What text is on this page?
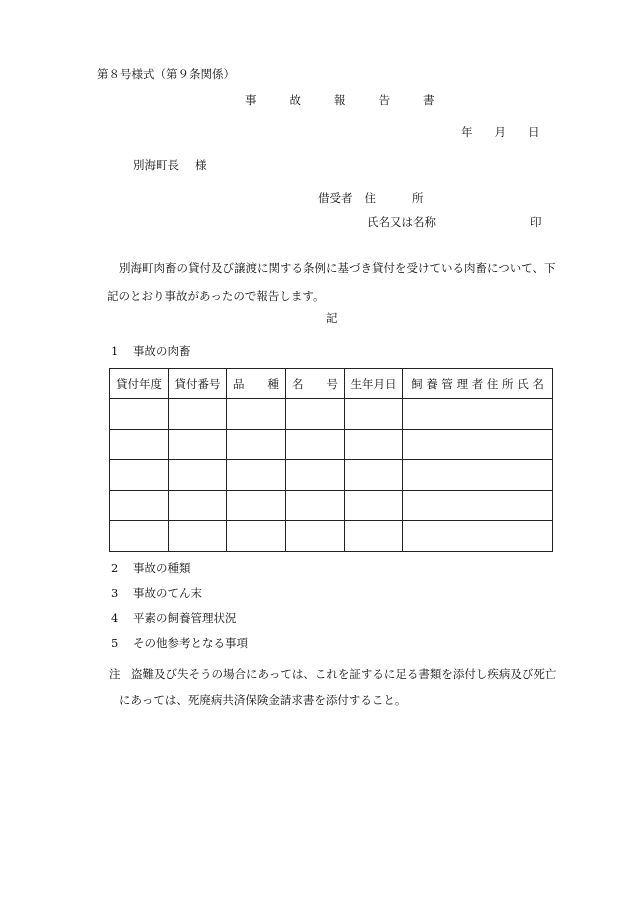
第８号様式（第９条関係）
事	故	報	告	書
年 月 日
別海町長 様
借受者 住	所
氏名又は名称	印
別海町肉畜の貸付及び譲渡に関する条例に基づき貸付を受けている肉畜について、下
記のとおり事故があったので報告します。
記
1 事故の肉畜
貸付年度	貸付番号	品　　種	名　　号	生年月日	飼 養 管 理 者 住 所 氏 名

2 事故の種類
3 事故のてん末
4 平素の飼養管理状況
5 その他参考となる事項
注 盗難及び失そうの場合にあっては、これを証するに足る書類を添付し疾病及び死亡
にあっては、死廃病共済保険金請求書を添付すること。
